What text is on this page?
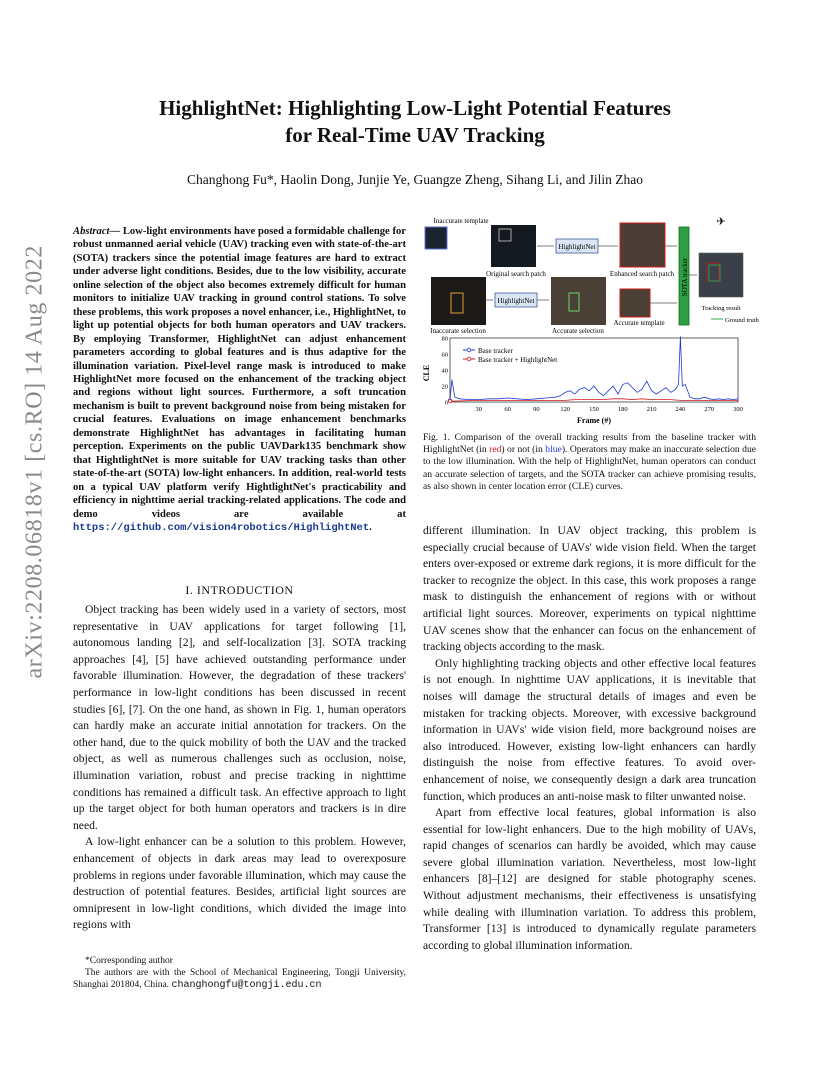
arXiv:2208.06818v1 [cs.RO] 14 Aug 2022
HighlightNet: Highlighting Low-Light Potential Features
for Real-Time UAV Tracking
Changhong Fu*, Haolin Dong, Junjie Ye, Guangze Zheng, Sihang Li, and Jilin Zhao
Abstract— Low-light environments have posed a formidable challenge for robust unmanned aerial vehicle (UAV) tracking even with state-of-the-art (SOTA) trackers since the potential image features are hard to extract under adverse light conditions. Besides, due to the low visibility, accurate online selection of the object also becomes extremely difficult for human monitors to initialize UAV tracking in ground control stations. To solve these problems, this work proposes a novel enhancer, i.e., HighlightNet, to light up potential objects for both human operators and UAV trackers. By employing Transformer, HighlightNet can adjust enhancement parameters according to global features and is thus adaptive for the illumination variation. Pixel-level range mask is introduced to make HighlightNet more focused on the enhancement of the tracking object and regions without light sources. Furthermore, a soft truncation mechanism is built to prevent background noise from being mistaken for crucial features. Evaluations on image enhancement benchmarks demonstrate HighlightNet has advantages in facilitating human perception. Experiments on the public UAVDark135 benchmark show that HightlightNet is more suitable for UAV tracking tasks than other state-of-the-art (SOTA) low-light enhancers. In addition, real-world tests on a typical UAV platform verify HightlightNet's practicability and efficiency in nighttime aerial tracking-related applications. The code and demo videos are available at https://github.com/vision4robotics/HighlightNet.
I. INTRODUCTION

Object tracking has been widely used in a variety of sectors, most representative in UAV applications for target following [1], autonomous landing [2], and self-localization [3]. SOTA tracking approaches [4], [5] have achieved outstanding performance under favorable illumination. However, the degradation of these trackers' performance in low-light conditions has been discussed in recent studies [6], [7]. On the one hand, as shown in Fig. 1, human operators can hardly make an accurate initial annotation for trackers. On the other hand, due to the quick mobility of both the UAV and the tracked object, as well as numerous challenges such as occlusion, noise, illumination variation, robust and precise tracking in nighttime conditions has remained a difficult task. An effective approach to light up the target object for both human operators and trackers is in dire need.

A low-light enhancer can be a solution to this problem. However, enhancement of objects in dark areas may lead to overexposure problems in regions under favorable illumination, which may cause the destruction of potential features. Besides, artificial light sources are omnipresent in low-light conditions, which divided the image into regions with

*Corresponding author
The authors are with the School of Mechanical Engineering, Tongji University, Shanghai 201804, China. changhongfu@tongji.edu.cn
Inaccurate template
Original search patch
HighlightNet
Enhanced search patch SOTA tracker
Tracking result
Ground truth
✈
Inaccurate selection
HighlightNet
Accurate selection
Accurate template
0
20
40
60
80
30	60	90	120	150	180	210	240	270	300
CLE
Frame (#)
Base tracker
Base tracker + HighlightNet
Fig. 1. Comparison of the overall tracking results from the baseline tracker with HighlightNet (in red) or not (in blue). Operators may make an inaccurate selection due to the low illumination. With the help of HighlightNet, human operators can conduct an accurate selection of targets, and the SOTA tracker can achieve promising results, as also shown in center location error (CLE) curves.

different illumination. In UAV object tracking, this problem is especially crucial because of UAVs' wide vision field. When the target enters over-exposed or extreme dark regions, it is more difficult for the tracker to recognize the object. In this case, this work proposes a range mask to distinguish the enhancement of regions with or without artificial light sources. Moreover, experiments on typical nighttime UAV scenes show that the enhancer can focus on the enhancement of tracking objects according to the mask.

Only highlighting tracking objects and other effective local features is not enough. In nighttime UAV applications, it is inevitable that noises will damage the structural details of images and even be mistaken for tracking objects. Moreover, with excessive background information in UAVs' wide vision field, more background noises are also introduced. However, existing low-light enhancers can hardly distinguish the noise from effective features. To avoid over-enhancement of noise, we consequently design a dark area truncation function, which produces an anti-noise mask to filter unwanted noise.

Apart from effective local features, global information is also essential for low-light enhancers. Due to the high mobility of UAVs, rapid changes of scenarios can hardly be avoided, which may cause severe global illumination variation. Nevertheless, most low-light enhancers [8]–[12] are designed for stable photography scenes. Without adjustment mechanisms, their effectiveness is unsatisfying while dealing with illumination variation. To address this problem, Transformer [13] is introduced to dynamically regulate parameters according to global illumination information.
